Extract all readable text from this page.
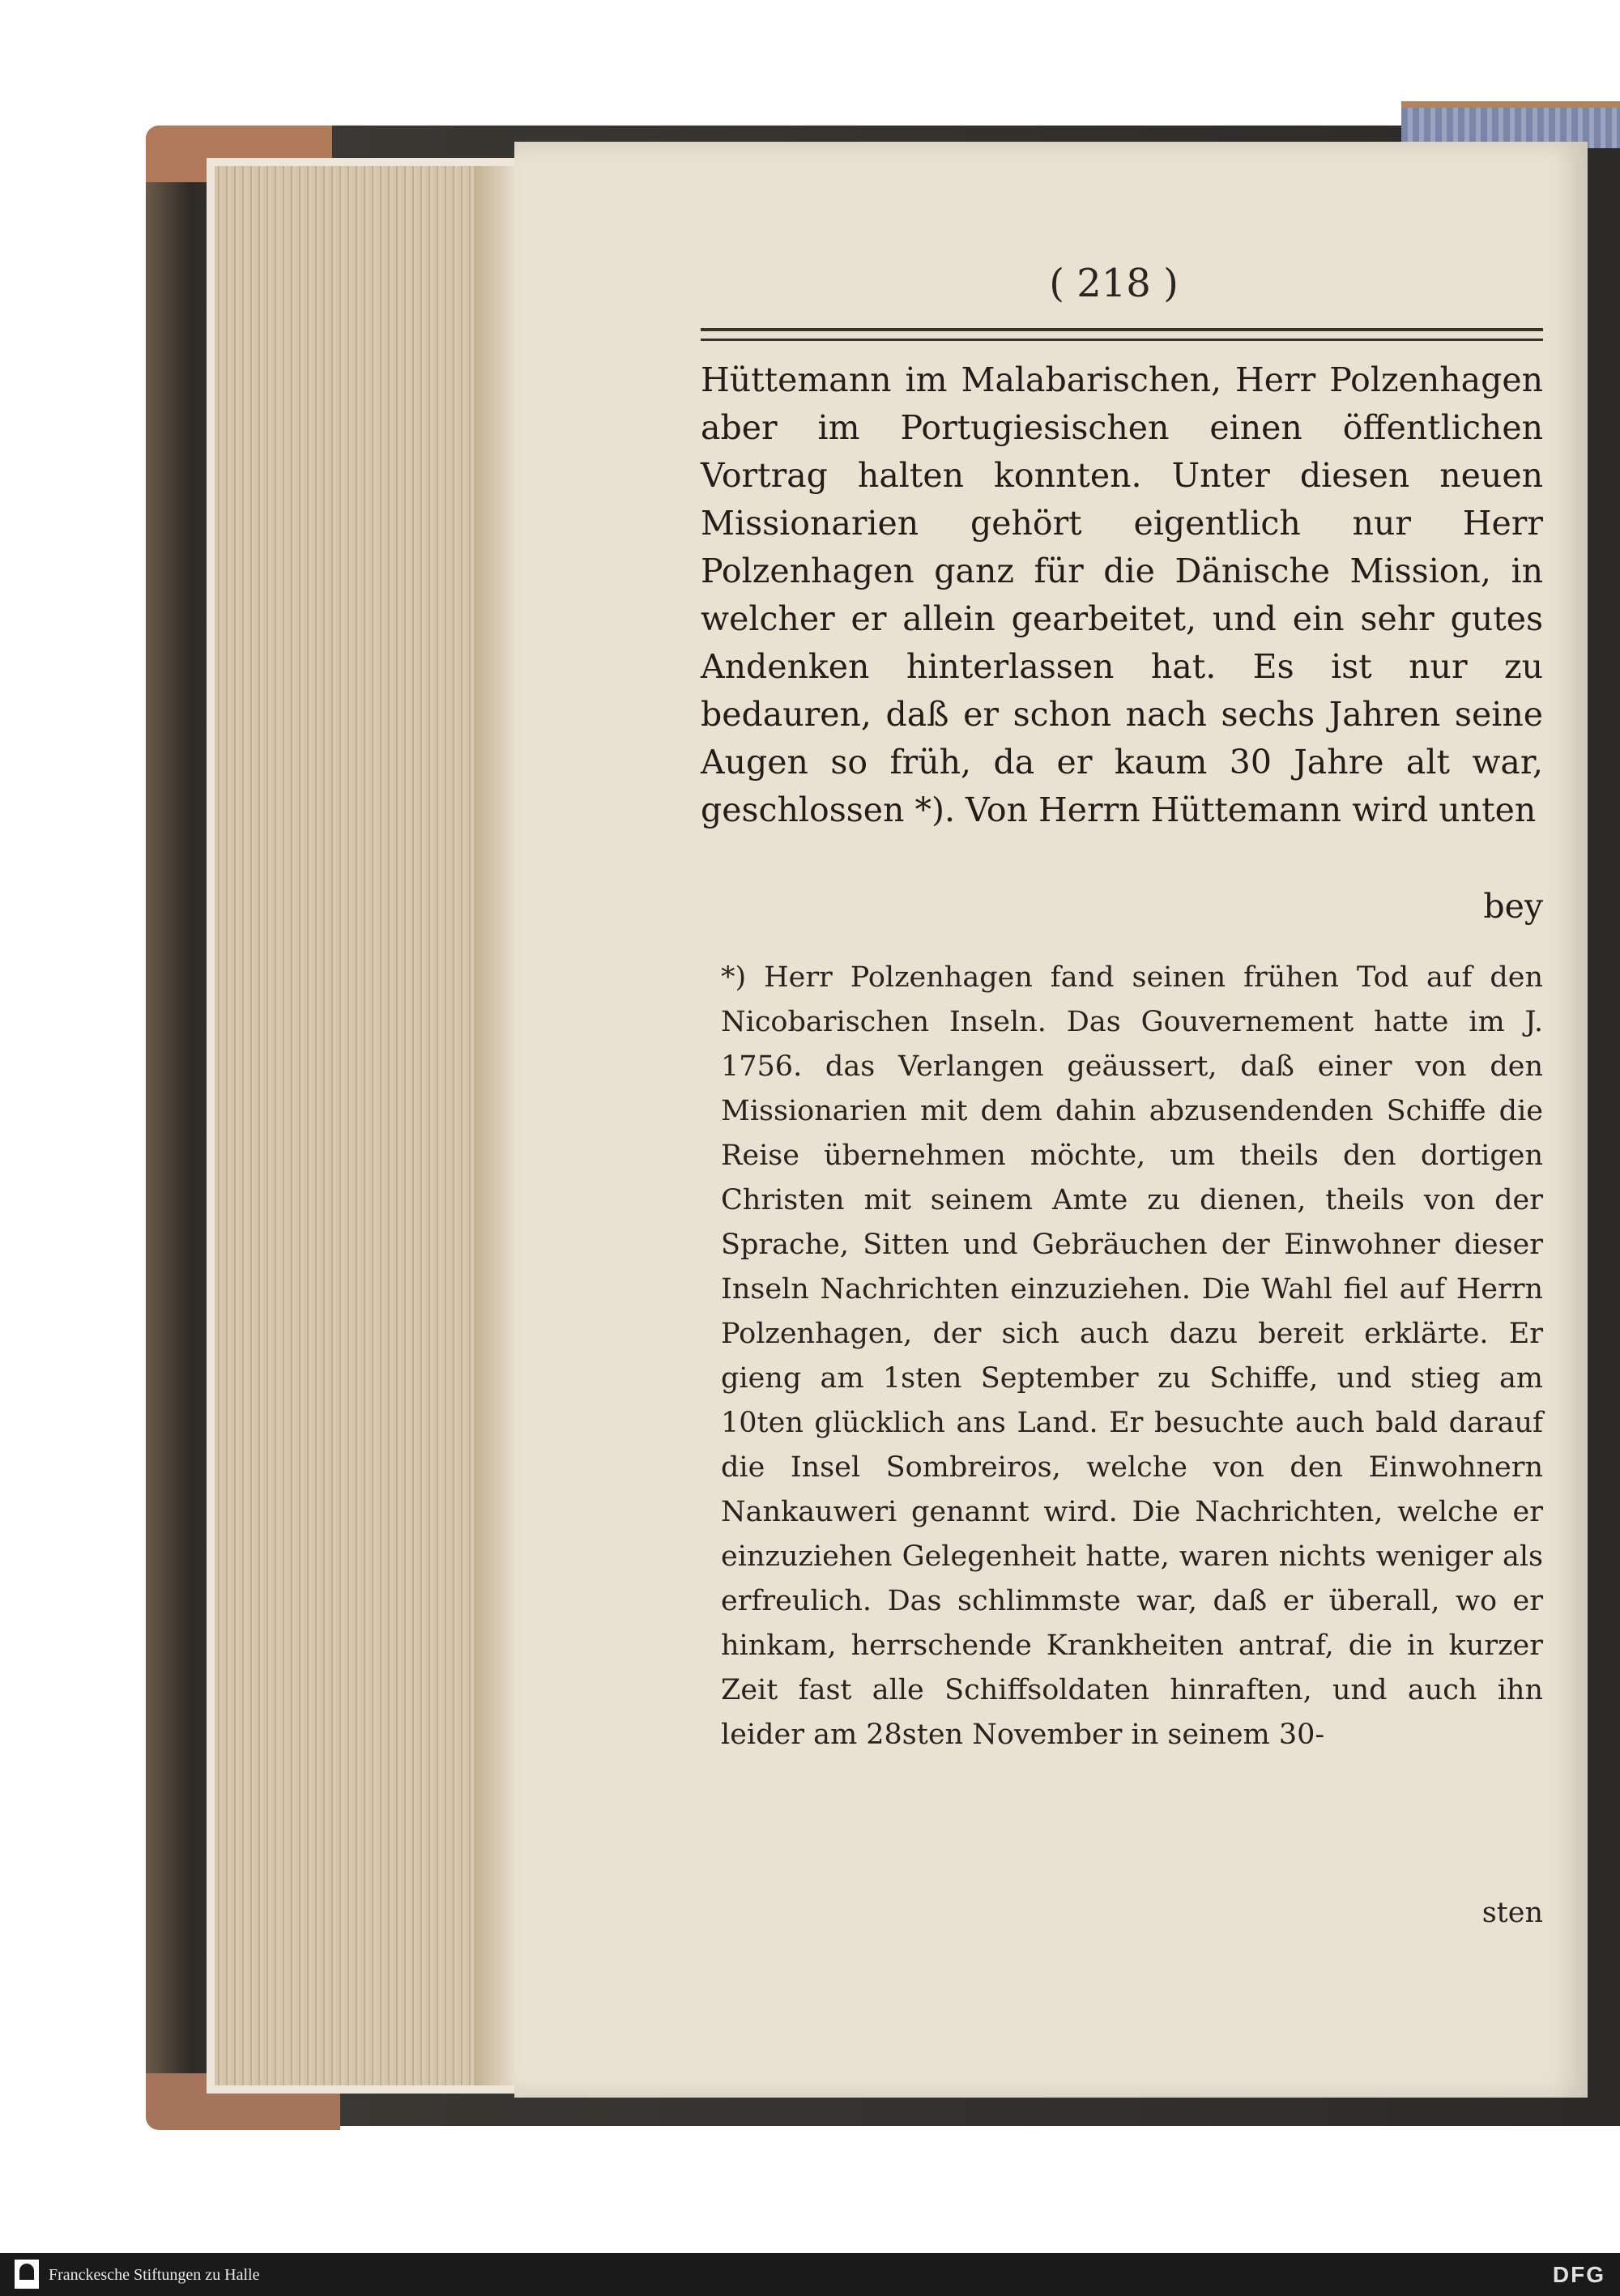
( 218 )

Hüttemann im Malabarischen, Herr Polzenhagen aber im Portugiesischen einen öffentlichen Vortrag halten konnten. Unter diesen neuen Missionarien gehört eigentlich nur Herr Polzenhagen ganz für die Dänische Mission, in welcher er allein gearbeitet, und ein sehr gutes Andenken hinterlassen hat. Es ist nur zu bedauren, daß er schon nach sechs Jahren seine Augen so früh, da er kaum 30 Jahre alt war, geschlossen *). Von Herrn Hüttemann wird unten

bey

*) Herr Polzenhagen fand seinen frühen Tod auf den Nicobarischen Inseln. Das Gouvernement hatte im J. 1756. das Verlangen geäussert, daß einer von den Missionarien mit dem dahin abzusendenden Schiffe die Reise übernehmen möchte, um theils den dortigen Christen mit seinem Amte zu dienen, theils von der Sprache, Sitten und Gebräuchen der Einwohner dieser Inseln Nachrichten einzuziehen. Die Wahl fiel auf Herrn Polzenhagen, der sich auch dazu bereit erklärte. Er gieng am 1sten September zu Schiffe, und stieg am 10ten glücklich ans Land. Er besuchte auch bald darauf die Insel Sombreiros, welche von den Einwohnern Nankauweri genannt wird. Die Nachrichten, welche er einzuziehen Gelegenheit hatte, waren nichts weniger als erfreulich. Das schlimmste war, daß er überall, wo er hinkam, herrschende Krankheiten antraf, die in kurzer Zeit fast alle Schiffsoldaten hinraften, und auch ihn leider am 28sten November in seinem 30-

sten
Franckesche Stiftungen zu Halle	DFG
